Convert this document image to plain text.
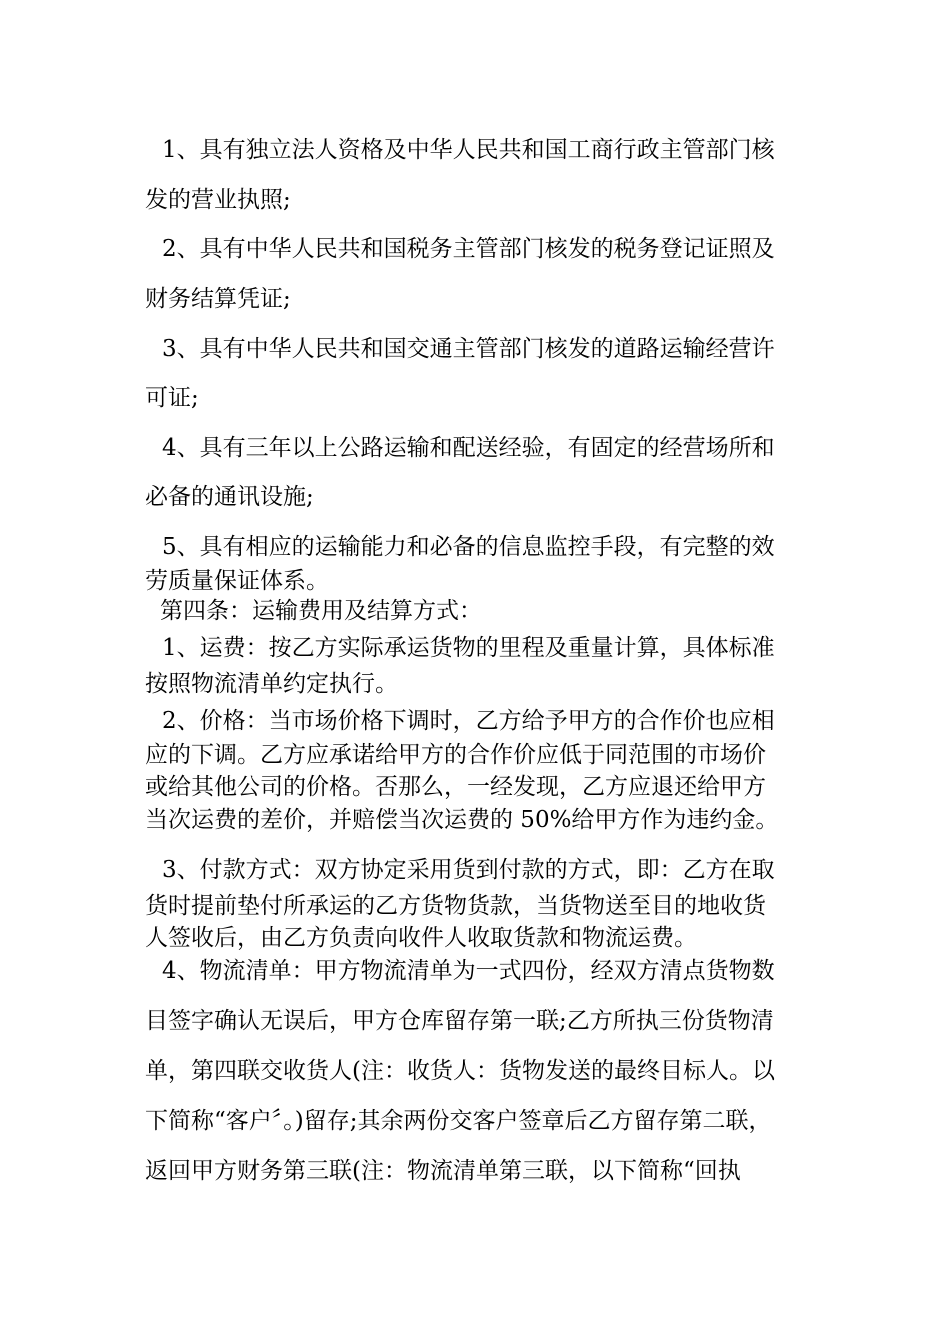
1、具有独立法人资格及中华人民共和国工商行政主管部门核

发的营业执照;

2、具有中华人民共和国税务主管部门核发的税务登记证照及

财务结算凭证;

3、具有中华人民共和国交通主管部门核发的道路运输经营许

可证;

4、具有三年以上公路运输和配送经验，有固定的经营场所和

必备的通讯设施;

5、具有相应的运输能力和必备的信息监控手段，有完整的效

劳质量保证体系。

第四条：运输费用及结算方式：

1、运费：按乙方实际承运货物的里程及重量计算，具体标准

按照物流清单约定执行。

2、价格：当市场价格下调时，乙方给予甲方的合作价也应相

应的下调。乙方应承诺给甲方的合作价应低于同范围的市场价

或给其他公司的价格。否那么，一经发现，乙方应退还给甲方

当次运费的差价，并赔偿当次运费的 50%给甲方作为违约金。

3、付款方式：双方协定采用货到付款的方式，即：乙方在取

货时提前垫付所承运的乙方货物货款，当货物送至目的地收货

人签收后，由乙方负责向收件人收取货款和物流运费。

4、物流清单：甲方物流清单为一式四份，经双方清点货物数

目签字确认无误后，甲方仓库留存第一联;乙方所执三份货物清

单，第四联交收货人(注：收货人：货物发送的最终目标人。以

下简称“客户〞。)留存;其余两份交客户签章后乙方留存第二联，

返回甲方财务第三联(注：物流清单第三联，以下简称“回执
